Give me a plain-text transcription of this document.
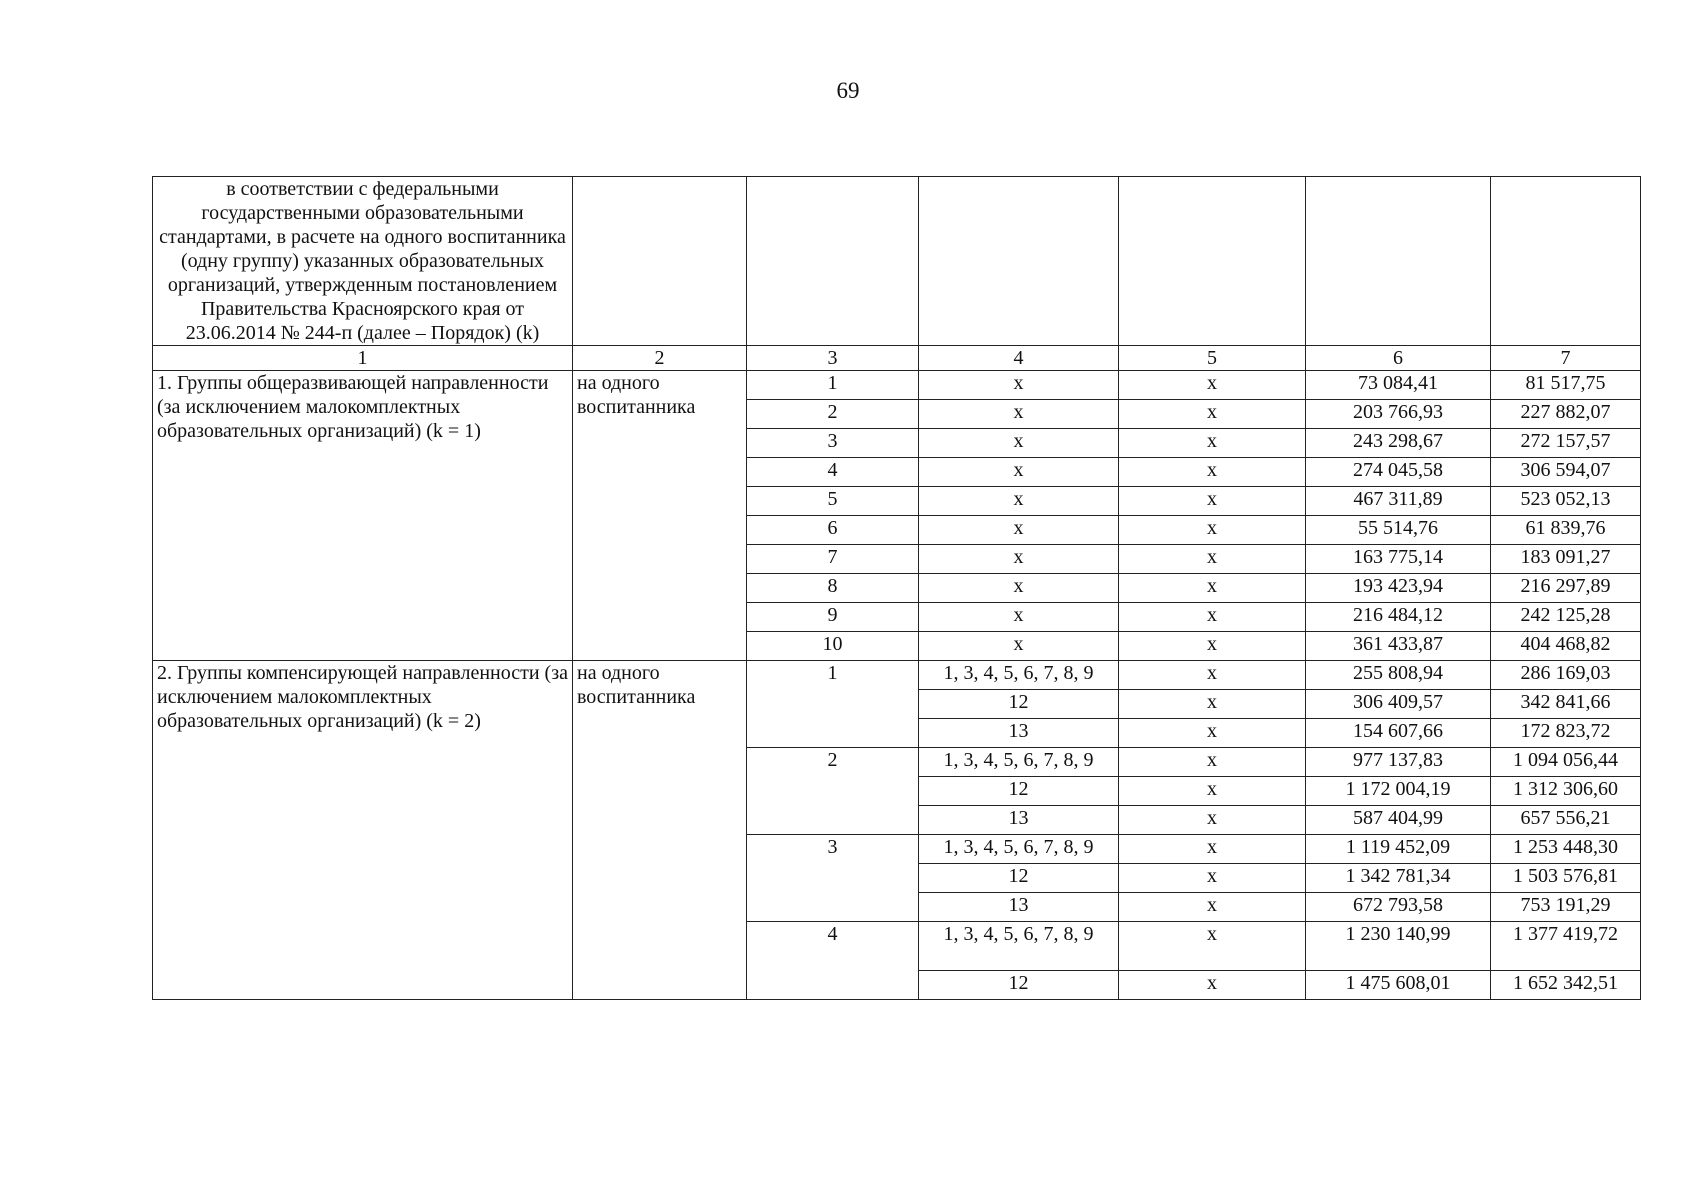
69
в соответствии с федеральными государственными образовательными стандартами, в расчете на одного воспитанника (одну группу) указанных образовательных организаций, утвержденным постановлением Правительства Красноярского края от 23.06.2014 № 244-п (далее – Порядок) (k)						
1	2	3	4	5	6	7
1. Группы общеразвивающей направленности (за исключением малокомплектных образовательных организаций) (k = 1)	на одного воспитанника	1	x	x	73 084,41	81 517,75
		2	x	x	203 766,93	227 882,07
		3	x	x	243 298,67	272 157,57
		4	x	x	274 045,58	306 594,07
		5	x	x	467 311,89	523 052,13
		6	x	x	55 514,76	61 839,76
		7	x	x	163 775,14	183 091,27
		8	x	x	193 423,94	216 297,89
		9	x	x	216 484,12	242 125,28
		10	x	x	361 433,87	404 468,82
2. Группы компенсирующей направленности (за исключением малокомплектных образовательных организаций) (k = 2)	на одного воспитанника	1	1, 3, 4, 5, 6, 7, 8, 9	x	255 808,94	286 169,03
			12	x	306 409,57	342 841,66
			13	x	154 607,66	172 823,72
		2	1, 3, 4, 5, 6, 7, 8, 9	x	977 137,83	1 094 056,44
			12	x	1 172 004,19	1 312 306,60
			13	x	587 404,99	657 556,21
		3	1, 3, 4, 5, 6, 7, 8, 9	x	1 119 452,09	1 253 448,30
			12	x	1 342 781,34	1 503 576,81
			13	x	672 793,58	753 191,29
		4	1, 3, 4, 5, 6, 7, 8, 9	x	1 230 140,99	1 377 419,72
			12	x	1 475 608,01	1 652 342,51
